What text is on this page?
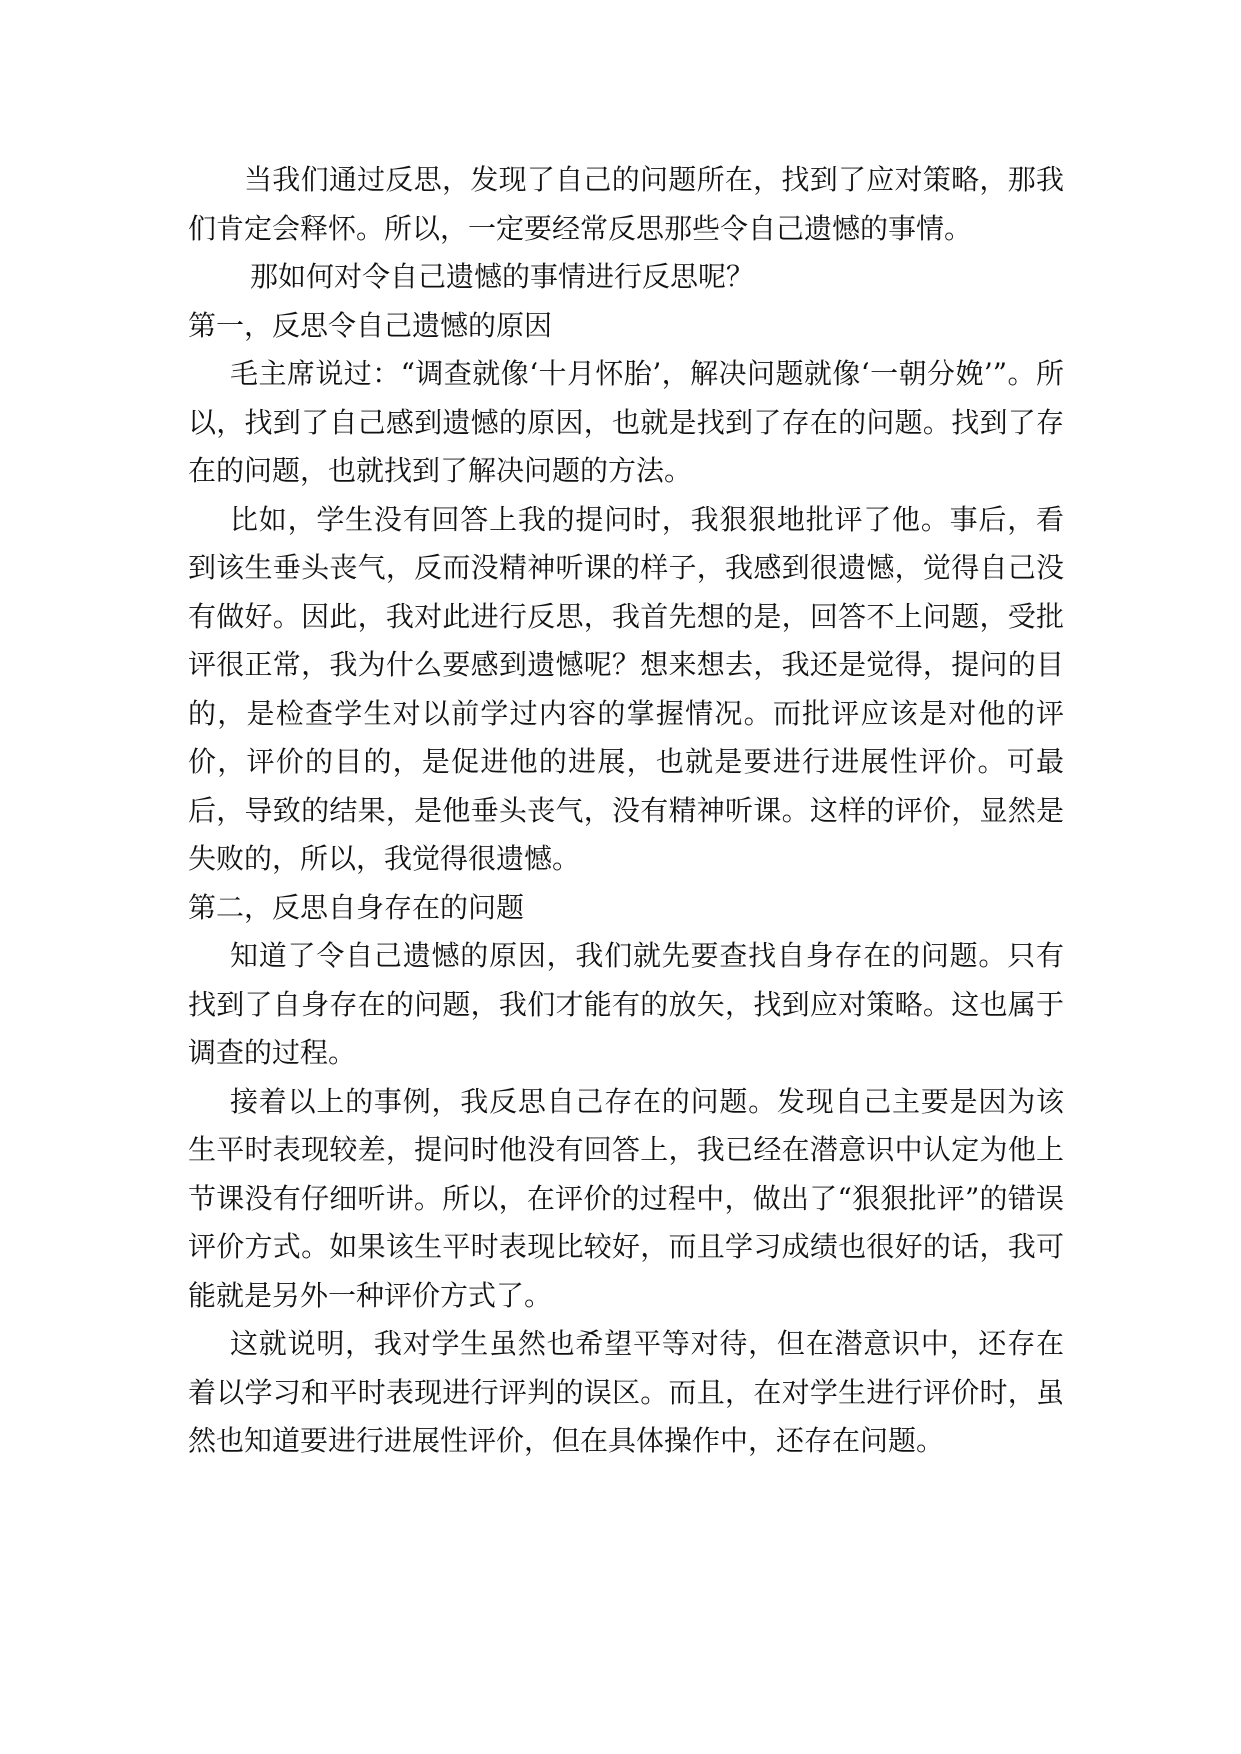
当我们通过反思，发现了自己的问题所在，找到了应对策略，那我们肯定会释怀。所以，一定要经常反思那些令自己遗憾的事情。

那如何对令自己遗憾的事情进行反思呢？

第一，反思令自己遗憾的原因

毛主席说过：“调查就像‘十月怀胎’，解决问题就像‘一朝分娩’”。所以，找到了自己感到遗憾的原因，也就是找到了存在的问题。找到了存在的问题，也就找到了解决问题的方法。

比如，学生没有回答上我的提问时，我狠狠地批评了他。事后，看到该生垂头丧气，反而没精神听课的样子，我感到很遗憾，觉得自己没有做好。因此，我对此进行反思，我首先想的是，回答不上问题，受批评很正常，我为什么要感到遗憾呢？想来想去，我还是觉得，提问的目的，是检查学生对以前学过内容的掌握情况。而批评应该是对他的评价，评价的目的，是促进他的进展，也就是要进行进展性评价。可最后，导致的结果，是他垂头丧气，没有精神听课。这样的评价，显然是失败的，所以，我觉得很遗憾。

第二，反思自身存在的问题

知道了令自己遗憾的原因，我们就先要查找自身存在的问题。只有找到了自身存在的问题，我们才能有的放矢，找到应对策略。这也属于调查的过程。

接着以上的事例，我反思自己存在的问题。发现自己主要是因为该生平时表现较差，提问时他没有回答上，我已经在潜意识中认定为他上节课没有仔细听讲。所以，在评价的过程中，做出了“狠狠批评”的错误评价方式。如果该生平时表现比较好，而且学习成绩也很好的话，我可能就是另外一种评价方式了。

这就说明，我对学生虽然也希望平等对待，但在潜意识中，还存在着以学习和平时表现进行评判的误区。而且，在对学生进行评价时，虽然也知道要进行进展性评价，但在具体操作中，还存在问题。
